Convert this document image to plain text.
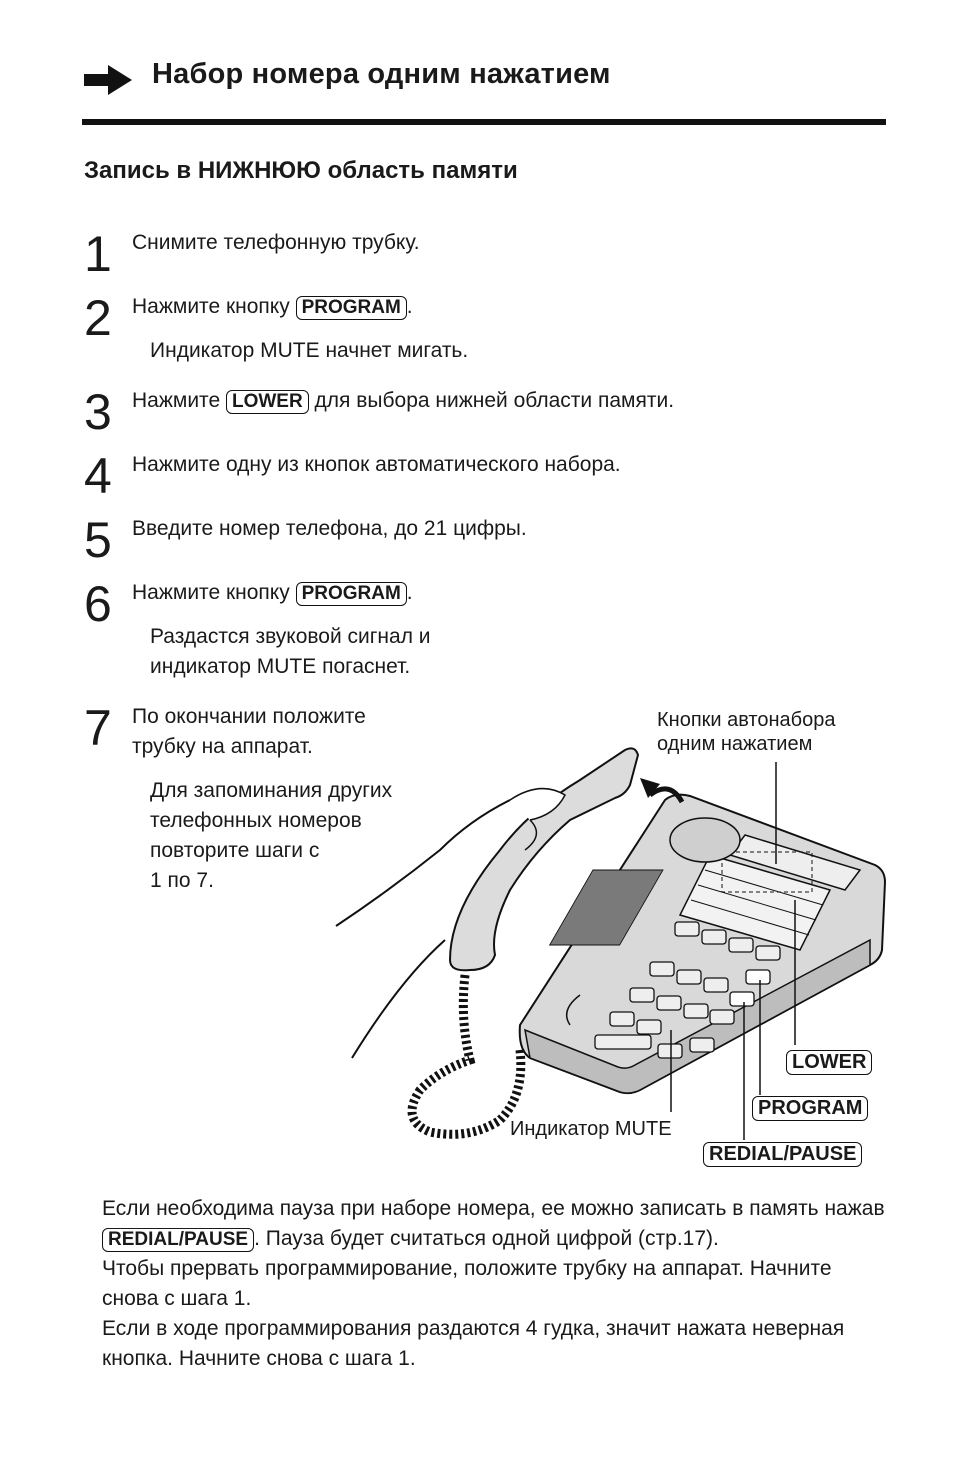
Набор номера одним нажатием
Запись в НИЖНЮЮ область памяти
1 Снимите телефонную трубку.
2 Нажмите кнопку PROGRAM .
Индикатор MUTE начнет мигать.
3 Нажмите LOWER для выбора нижней области памяти.
4 Нажмите одну из кнопок автоматического набора.
5 Введите номер телефона, до 21 цифры.
6 Нажмите кнопку PROGRAM .
Раздастся звуковой сигнал и
индикатор MUTE погаснет.
7 По окончании положите
трубку на аппарат.
Для запоминания других
телефонных номеров
повторите шаги с
1 по 7.
Кнопки автонабора
одним нажатием
LOWER
PROGRAM
REDIAL/PAUSE
Индикатор MUTE

Если необходима пауза при наборе номера, ее можно записать в память нажав REDIAL/PAUSE . Пауза будет считаться одной цифрой (стр.17).

Чтобы прервать программирование, положите трубку на аппарат. Начните снова с шага 1.

Если в ходе программирования раздаются 4 гудка, значит нажата неверная кнопка. Начните снова с шага 1.
